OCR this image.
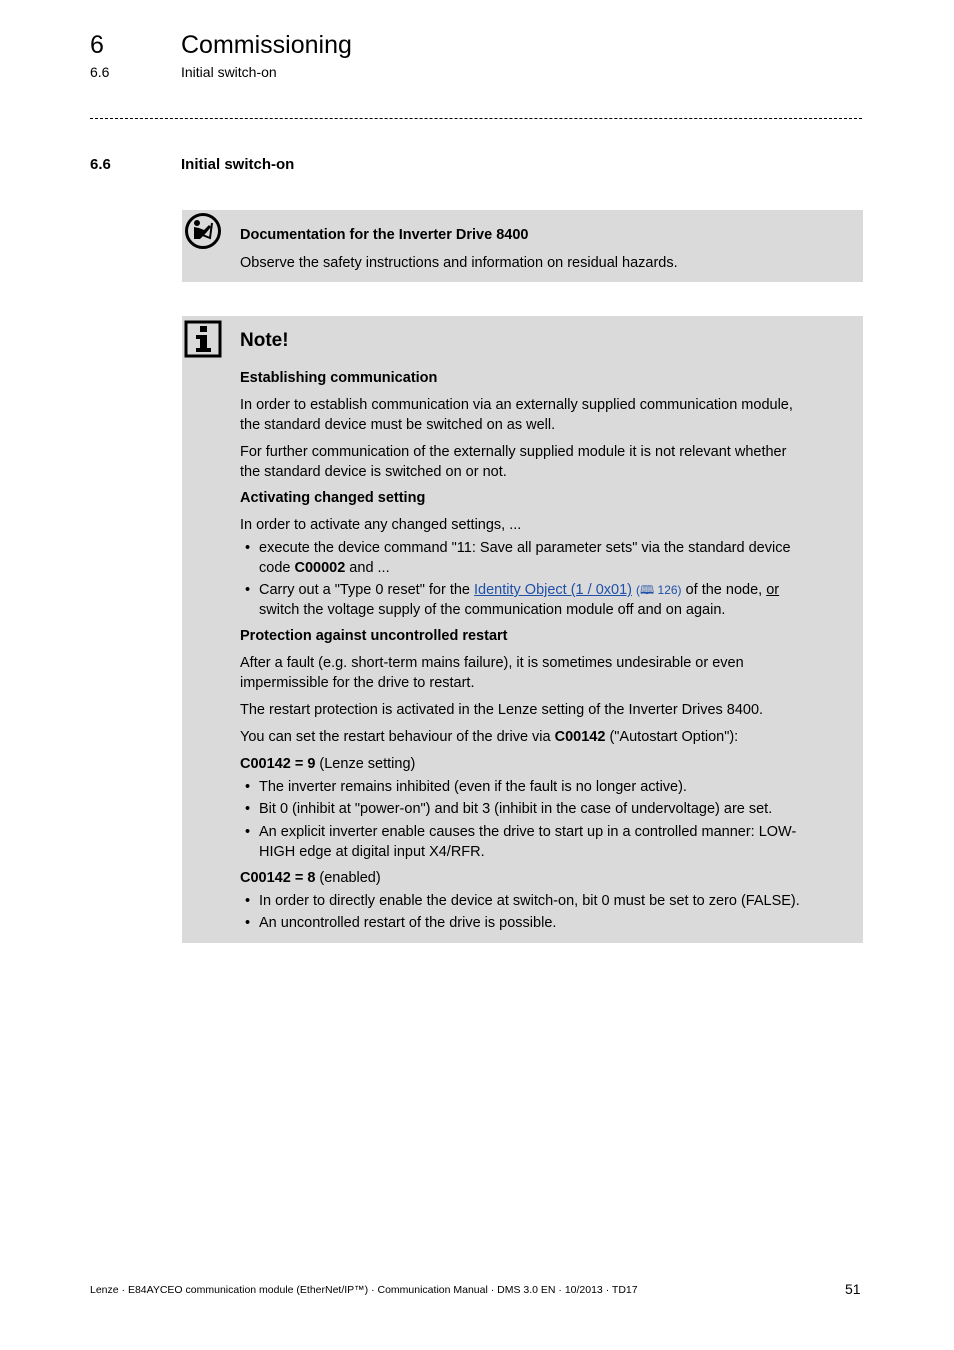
6	Commissioning
6.6	Initial switch-on
6.6	Initial switch-on
Documentation for the Inverter Drive 8400
Observe the safety instructions and information on residual hazards.
Note!
Establishing communication
In order to establish communication via an externally supplied communication module,
the standard device must be switched on as well.
For further communication of the externally supplied module it is not relevant whether
the standard device is switched on or not.
Activating changed setting
In order to activate any changed settings, ...
• execute the device command "11: Save all parameter sets" via the standard device
code C00002 and ...
• Carry out a "Type 0 reset" for the Identity Object (1 / 0x01) (🕮 126) of the node, or
switch the voltage supply of the communication module off and on again.
Protection against uncontrolled restart
After a fault (e.g. short-term mains failure), it is sometimes undesirable or even
impermissible for the drive to restart.
The restart protection is activated in the Lenze setting of the Inverter Drives 8400.
You can set the restart behaviour of the drive via C00142 ("Autostart Option"):
C00142 = 9 (Lenze setting)
• The inverter remains inhibited (even if the fault is no longer active).
• Bit 0 (inhibit at "power-on") and bit 3 (inhibit in the case of undervoltage) are set.
• An explicit inverter enable causes the drive to start up in a controlled manner: LOW-
HIGH edge at digital input X4/RFR.
C00142 = 8 (enabled)
• In order to directly enable the device at switch-on, bit 0 must be set to zero (FALSE).
• An uncontrolled restart of the drive is possible.
Lenze · E84AYCEO communication module (EtherNet/IP™) · Communication Manual · DMS 3.0 EN · 10/2013 · TD17	51
